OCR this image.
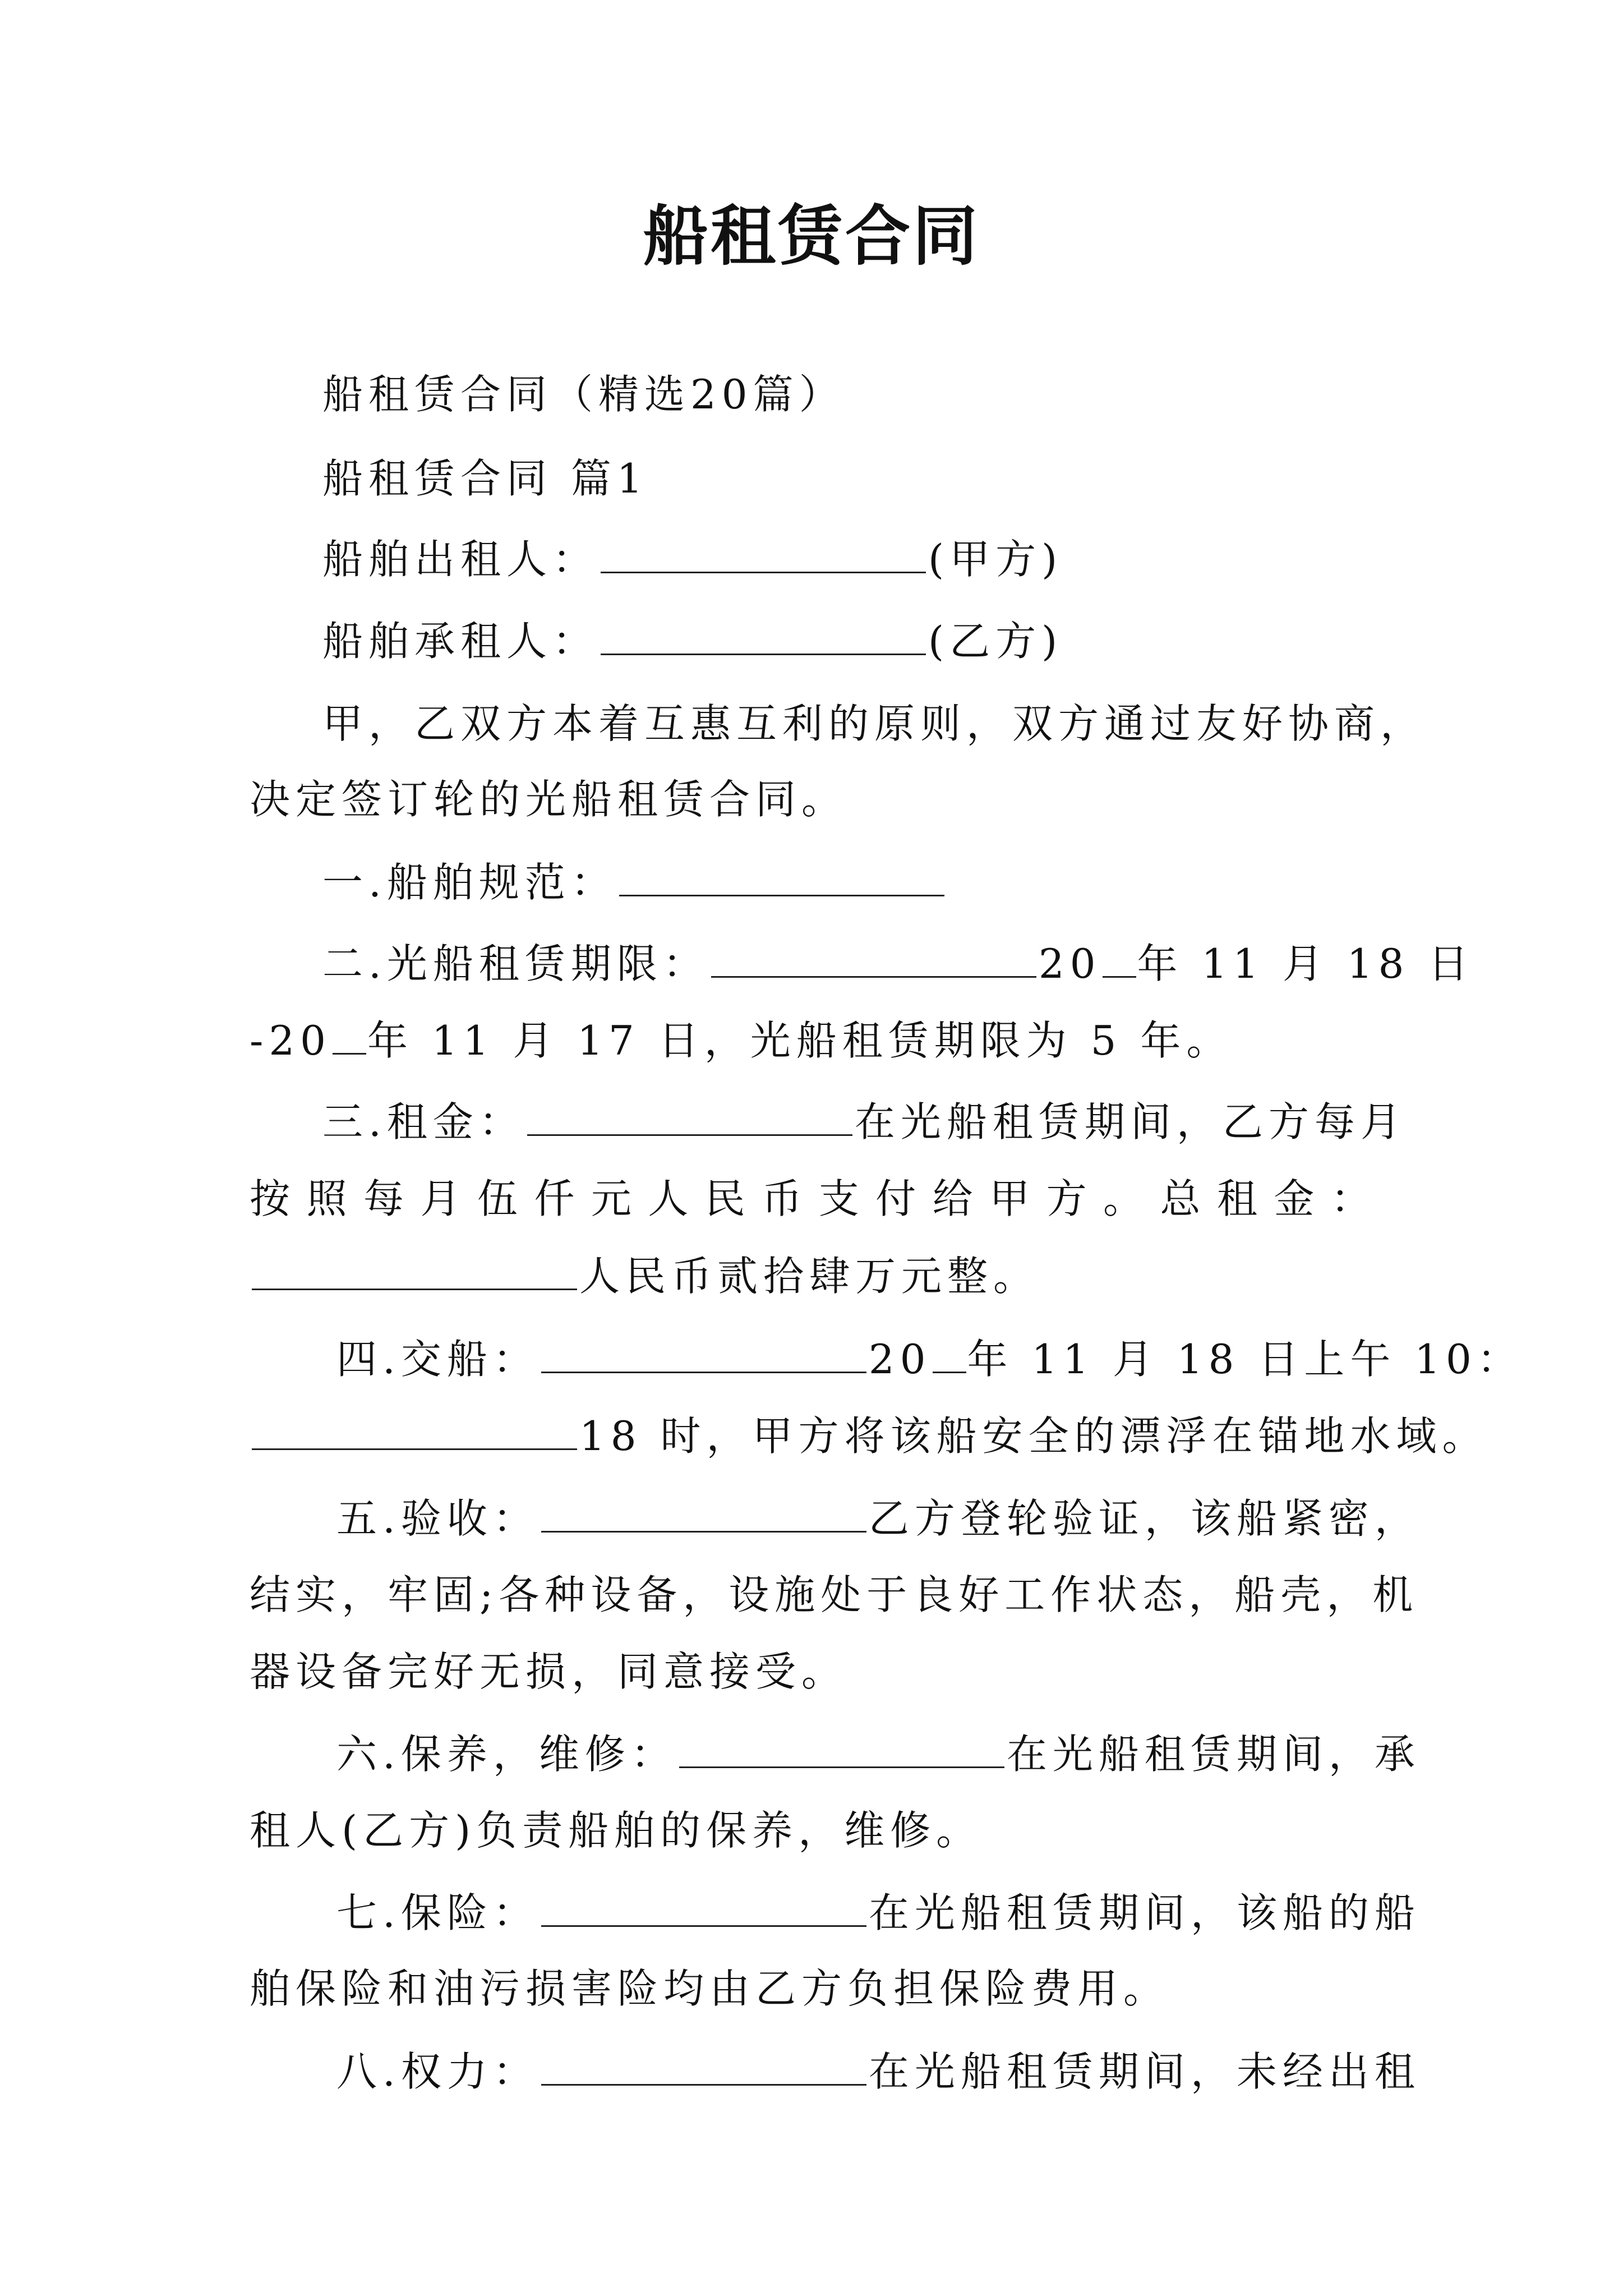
船租赁合同
船租赁合同（精选20篇）
船租赁合同 篇1
船舶出租人：	(甲方)
船舶承租人：	(乙方)
甲，乙双方本着互惠互利的原则，双方通过友好协商，
决定签订轮的光船租赁合同。
一.船舶规范：
二.光船租赁期限：	20 年 11 月 18 日
-20 年 11 月 17 日，光船租赁期限为 5 年。
三.租金：	在光船租赁期间，乙方每月
按 照 每 月 伍 仟 元 人 民 币 支 付 给 甲 方 。 总 租 金 ：
人民币贰拾肆万元整。
四.交船：	20 年 11 月 18 日上午 10：
18 时，甲方将该船安全的漂浮在锚地水域。
五.验收：	乙方登轮验证，该船紧密，
结实，牢固;各种设备，设施处于良好工作状态，船壳，机
器设备完好无损，同意接受。
六.保养，维修：	在光船租赁期间，承
租人(乙方)负责船舶的保养，维修。
七.保险：	在光船租赁期间，该船的船
舶保险和油污损害险均由乙方负担保险费用。
八.权力：	在光船租赁期间，未经出租
